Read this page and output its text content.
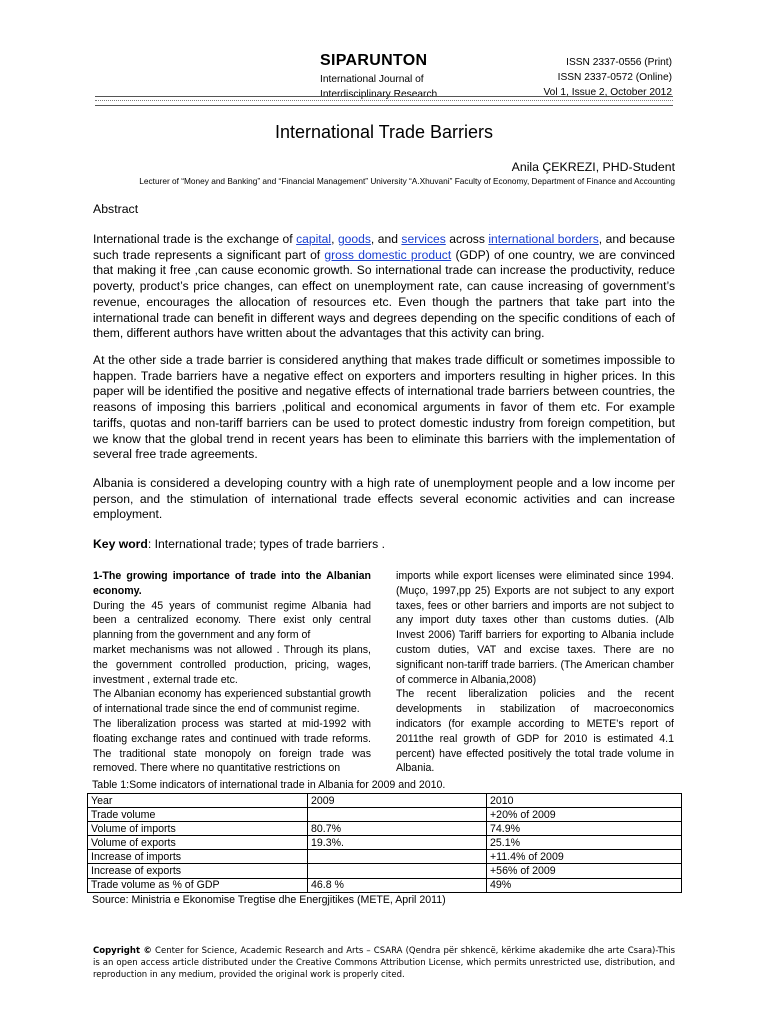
SIPARUNTON
International Journal of
Interdisciplinary Research
ISSN 2337-0556 (Print)
ISSN 2337-0572 (Online)
Vol 1, Issue 2, October 2012
International Trade Barriers
Anila ÇEKREZI, PHD-Student
Lecturer of “Money and Banking” and “Financial Management” University “A.Xhuvani” Faculty of Economy, Department of Finance and Accounting
Abstract
International trade is the exchange of capital, goods, and services across international borders, and because such trade represents a significant part of gross domestic product (GDP) of one country, we are convinced that making it free ,can cause economic growth. So international trade can increase the productivity, reduce poverty, product’s price changes, can effect on unemployment rate, can cause increasing of government’s revenue, encourages the allocation of resources etc. Even though the partners that take part into the international trade can benefit in different ways and degrees depending on the specific conditions of each of them, different authors have written about the advantages that this activity can bring.
At the other side a trade barrier is considered anything that makes trade difficult or sometimes impossible to happen. Trade barriers have a negative effect on exporters and importers resulting in higher prices. In this paper will be identified the positive and negative effects of international trade barriers between countries, the reasons of imposing this barriers ,political and economical arguments in favor of them etc. For example tariffs, quotas and non-tariff barriers can be used to protect domestic industry from foreign competition, but we know that the global trend in recent years has been to eliminate this barriers with the implementation of several free trade agreements.
Albania is considered a developing country with a high rate of unemployment people and a low income per person, and the stimulation of international trade effects several economic activities and can increase employment.
Key word: International trade; types of trade barriers .
1-The growing importance of trade into the Albanian economy.
During the 45 years of communist regime Albania had been a centralized economy. There exist only central planning from the government and any form of
market mechanisms was not allowed . Through its plans, the government controlled production, pricing, wages, investment , external trade etc.
The Albanian economy has experienced substantial growth of international trade since the end of communist regime.
The liberalization process was started at mid-1992 with floating exchange rates and continued with trade reforms. The traditional state monopoly on foreign trade was removed. There where no quantitative restrictions on
imports while export licenses were eliminated since 1994. (Muço, 1997,pp 25) Exports are not subject to any export taxes, fees or other barriers and imports are not subject to any import duty taxes other than customs duties. (Alb Invest 2006) Tariff barriers for exporting to Albania include custom duties, VAT and excise taxes. There are no significant non-tariff trade barriers. (The American chamber of commerce in Albania,2008)
The recent liberalization policies and the recent developments in stabilization of macroeconomics indicators (for example according to METE’s report of 2011the real growth of GDP for 2010 is estimated 4.1 percent) have effected positively the total trade volume in Albania.
Table 1:Some indicators of international trade in Albania for 2009 and 2010.
Year	2009	2010
Trade volume		+20% of 2009
Volume of imports	80.7%	74.9%
Volume of exports	19.3%.	25.1%
Increase of imports		+11.4% of 2009
Increase of exports		+56% of 2009
Trade volume as % of GDP	46.8 %	49%
Source: Ministria e Ekonomise Tregtise dhe Energjitikes (METE, April 2011)
Copyright © Center for Science, Academic Research and Arts – CSARA (Qendra për shkencë, kërkime akademike dhe arte Csara)-This is an open access article distributed under the Creative Commons Attribution License, which permits unrestricted use, distribution, and reproduction in any medium, provided the original work is properly cited.
